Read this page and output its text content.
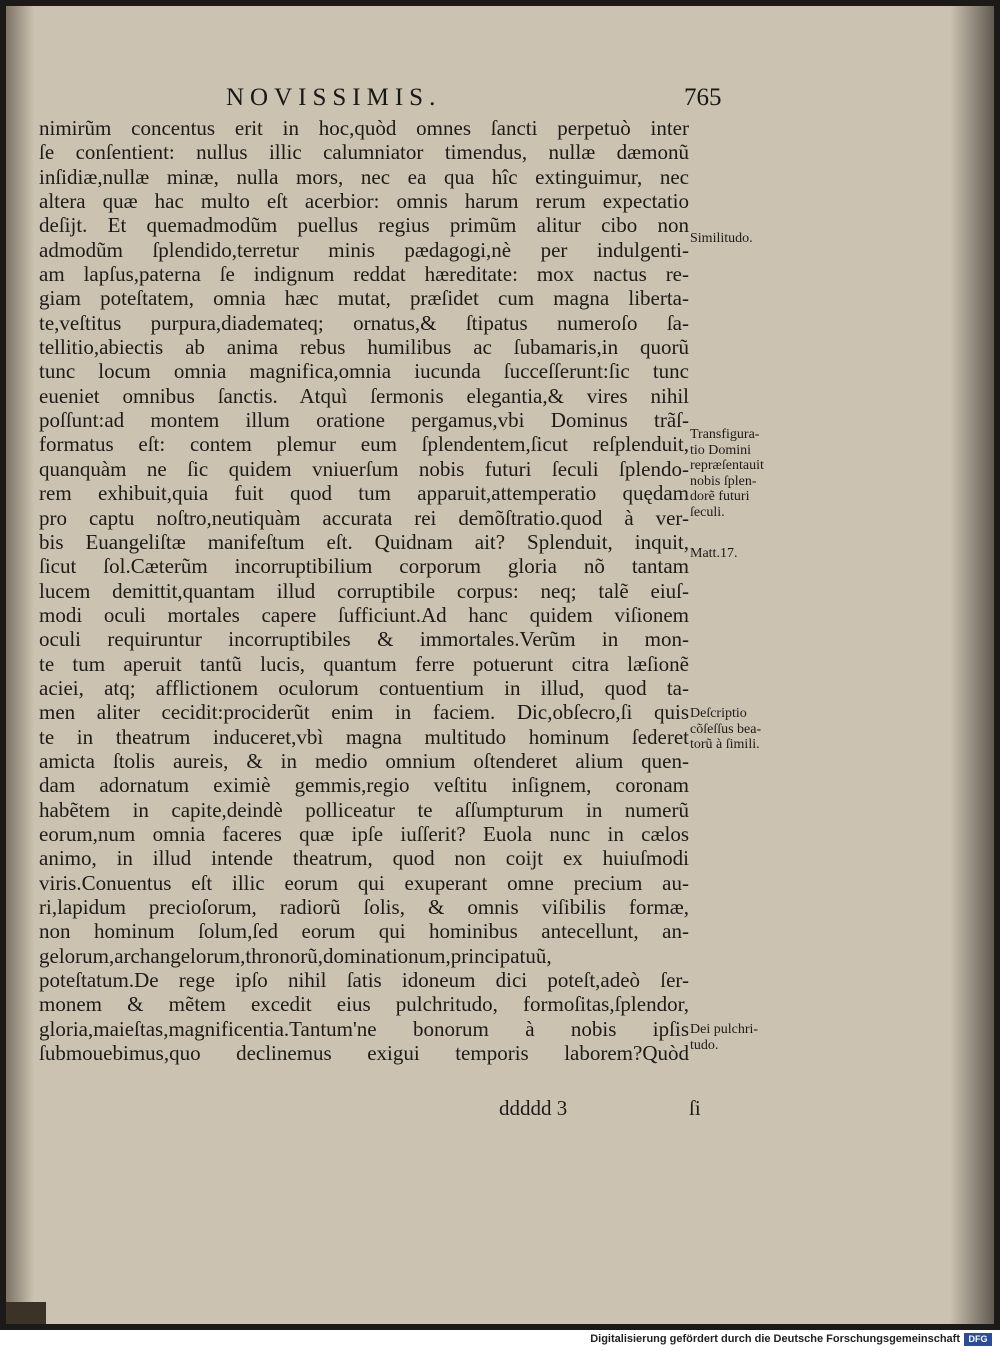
NOVISSIMIS.	765
nimirũm concentus erit in hoc,quòd omnes ſancti perpetuò inter
ſe conſentient: nullus illic calumniator timendus, nullæ dæmonũ
inſidiæ,nullæ minæ, nulla mors, nec ea qua hîc extinguimur, nec
altera quæ hac multo eſt acerbior: omnis harum rerum expectatio
deſijt. Et quemadmodũm puellus regius primũm alitur cibo non
admodũm ſplendido,terretur minis pædagogi,nè per indulgenti-
am lapſus,paterna ſe indignum reddat hæreditate: mox nactus re-
giam poteſtatem, omnia hæc mutat, præſidet cum magna liberta-
te,veſtitus purpura,diademateq; ornatus,& ſtipatus numeroſo ſa-
tellitio,abiectis ab anima rebus humilibus ac ſubamaris,in quorũ
tunc locum omnia magnifica,omnia iucunda ſucceſſerunt:ſic tunc
eueniet omnibus ſanctis. Atquì ſermonis elegantia,& vires nihil
poſſunt:ad montem illum oratione pergamus,vbi Dominus trãſ-
formatus eſt: contem plemur eum ſplendentem,ſicut reſplenduit,
quanquàm ne ſic quidem vniuerſum nobis futuri ſeculi ſplendo-
rem exhibuit,quia fuit quod tum apparuit,attemperatio quędam
pro captu noſtro,neutiquàm accurata rei demõſtratio.quod à ver-
bis Euangeliſtæ manifeſtum eſt. Quidnam ait? Splenduit, inquit,
ſicut ſol.Cæterũm incorruptibilium corporum gloria nõ tantam
lucem demittit,quantam illud corruptibile corpus: neq; talẽ eiuſ-
modi oculi mortales capere ſufficiunt.Ad hanc quidem viſionem
oculi requiruntur incorruptibiles & immortales.Verũm in mon-
te tum aperuit tantũ lucis, quantum ferre potuerunt citra læſionẽ
aciei, atq; afflictionem oculorum contuentium in illud, quod ta-
men aliter cecidit:prociderũt enim in faciem. Dic,obſecro,ſi quis
te in theatrum induceret,vbì magna multitudo hominum ſederet
amicta ſtolis aureis, & in medio omnium oſtenderet alium quen-
dam adornatum eximiè gemmis,regio veſtitu inſignem, coronam
habẽtem in capite,deindè polliceatur te aſſumpturum in numerũ
eorum,num omnia faceres quæ ipſe iuſſerit? Euola nunc in cælos
animo, in illud intende theatrum, quod non coijt ex huiuſmodi
viris.Conuentus eſt illic eorum qui exuperant omne precium au-
ri,lapidum precioſorum, radiorũ ſolis, & omnis viſibilis formæ,
non hominum ſolum,ſed eorum qui hominibus antecellunt, an-
gelorum,archangelorum,thronorũ,dominationum,principatuũ,
poteſtatum.De rege ipſo nihil ſatis idoneum dici poteſt,adeò ſer-
monem & mẽtem excedit eius pulchritudo, formoſitas,ſplendor,
gloria,maieſtas,magnificentia.Tantum'ne bonorum à nobis ipſis
ſubmouebimus,quo declinemus exigui temporis laborem?Quòd
Similitudo.
Transfigura-
tio Domini
repræſentauit
nobis ſplen-
dorẽ futuri
ſeculi.
Matt.17.
Deſcriptio
cõſeſſus bea-
torũ à ſimili.
Dei pulchri-
tudo.
ddddd 3	ſi
Digitalisierung gefördert durch die Deutsche Forschungsgemeinschaft DFG
